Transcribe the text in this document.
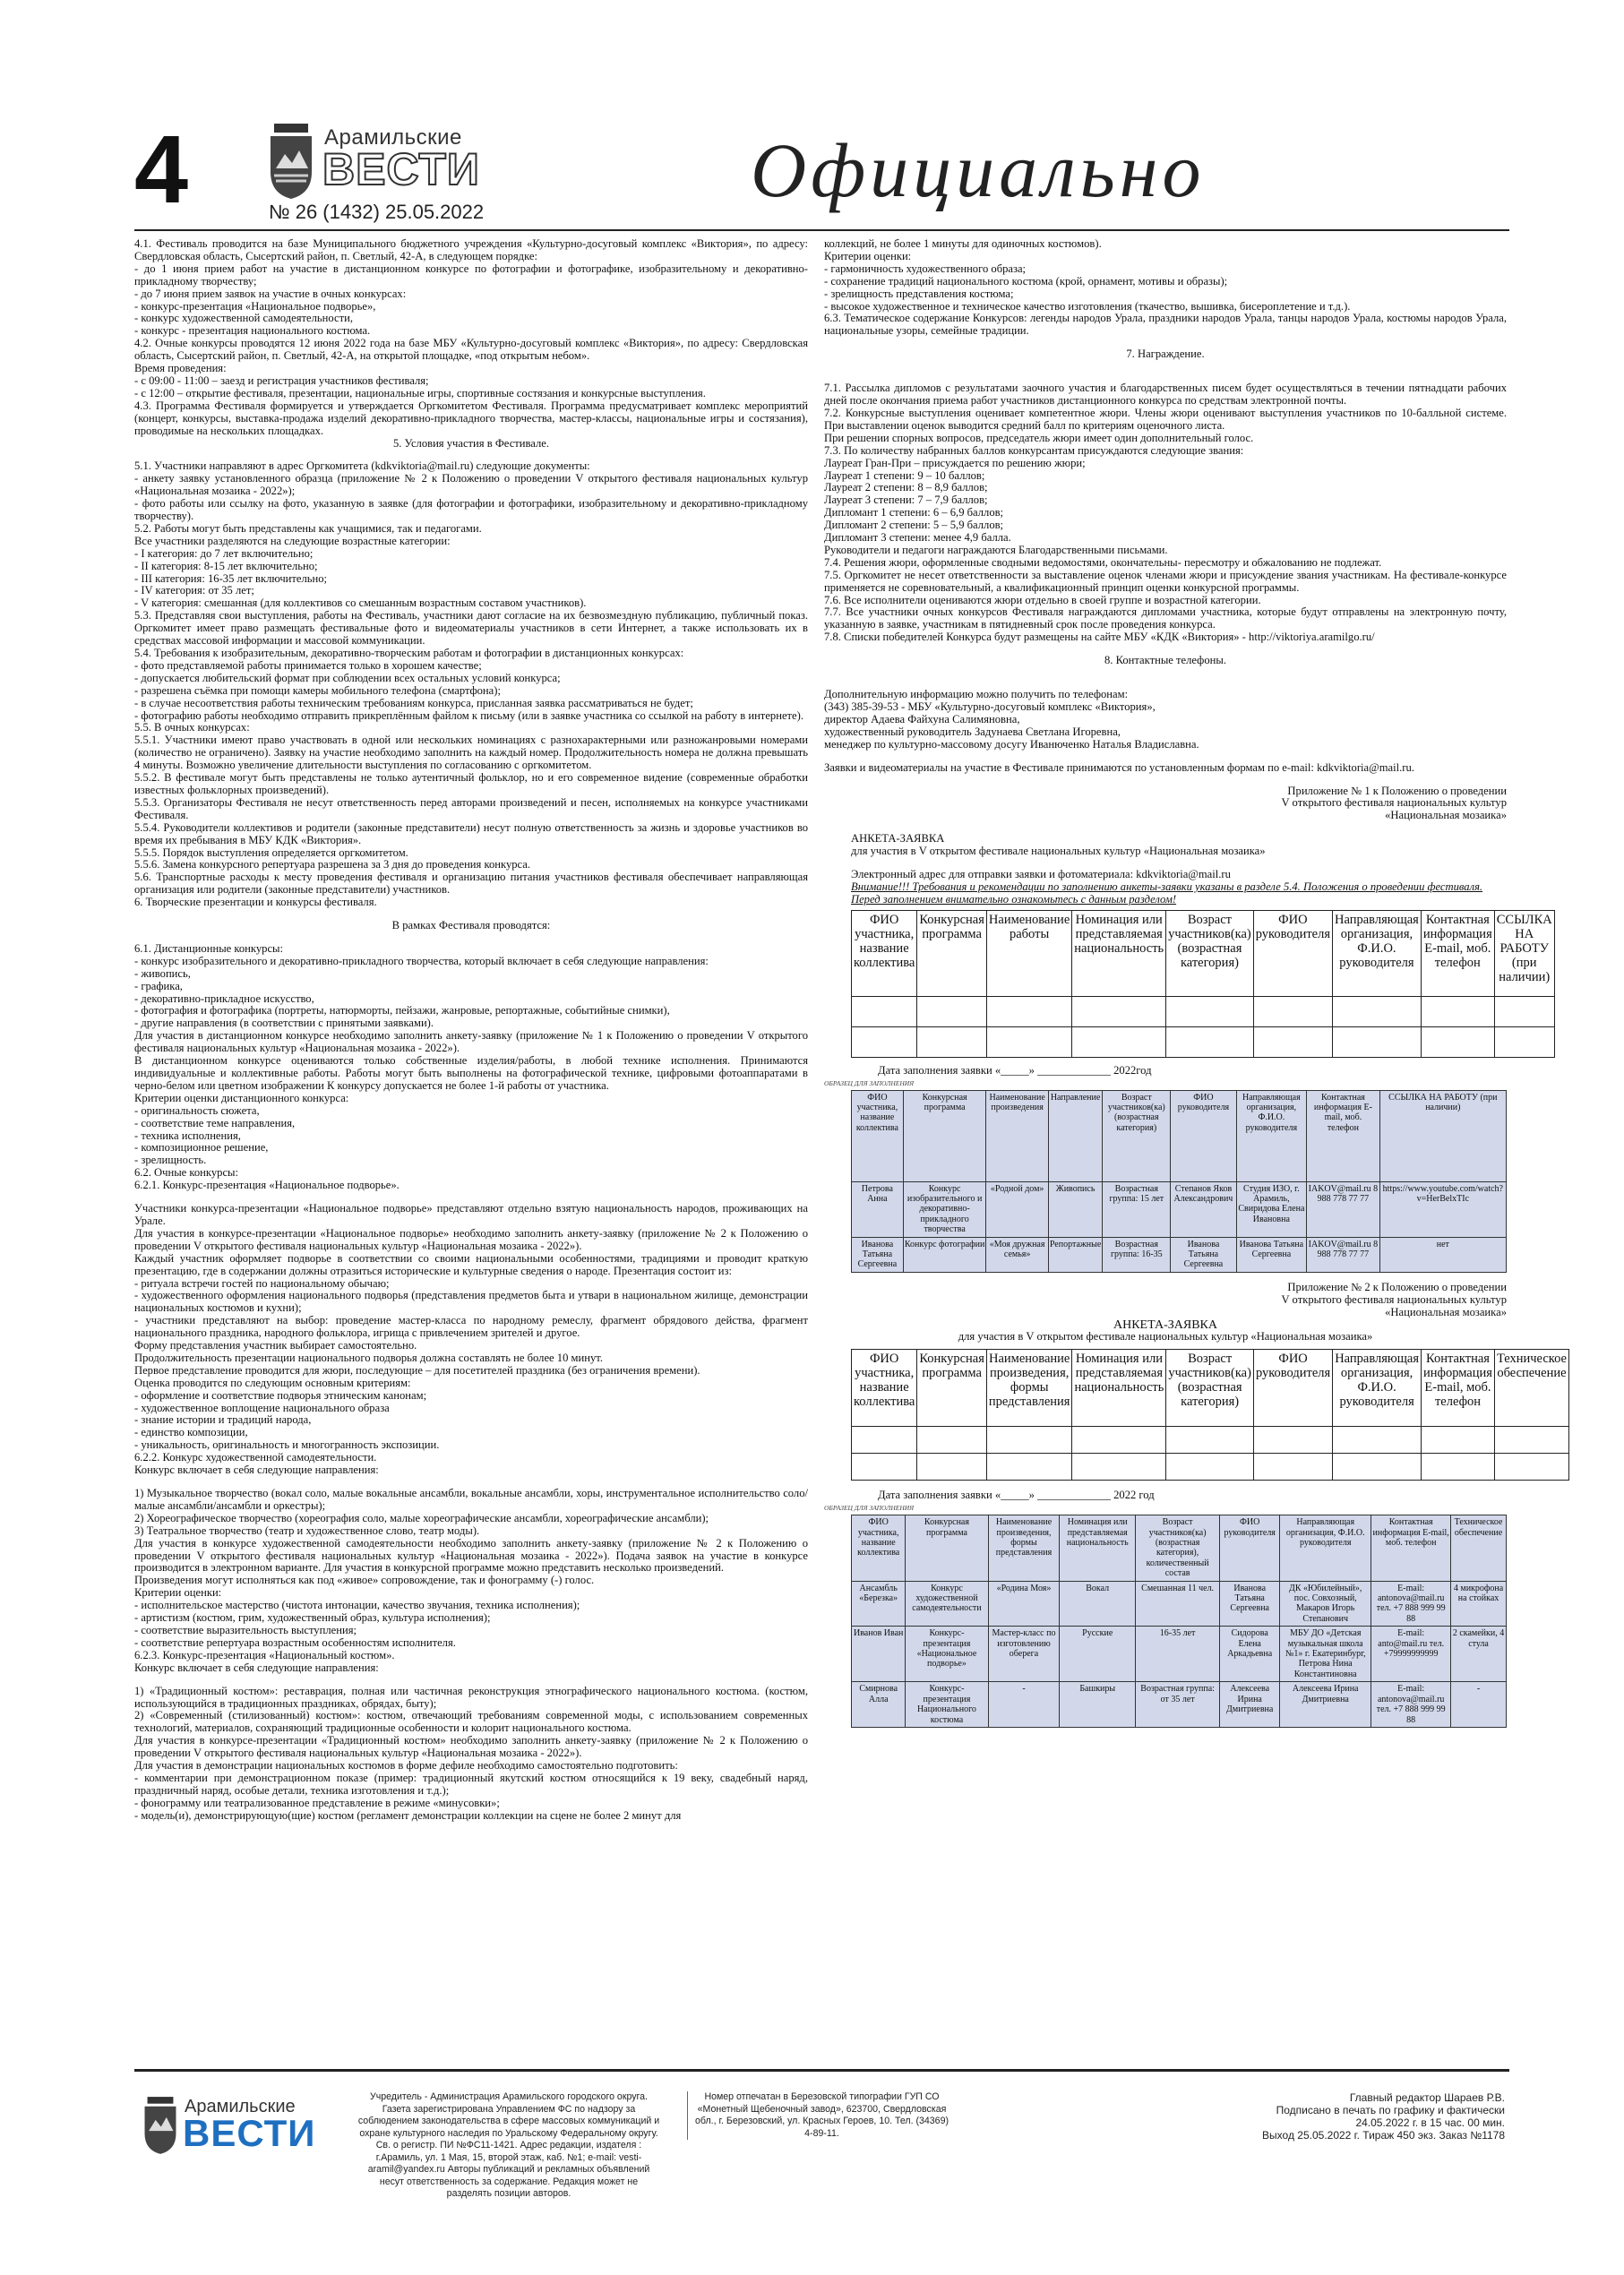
4	Арамильские
ВЕСТИ
№ 26 (1432) 25.05.2022	Официально

4.1. Фестиваль проводится на базе Муниципального бюджетного учреждения «Культурно-досуговый комплекс «Виктория», по адресу: Свердловская область, Сысертский район, п. Светлый, 42-А, в следующем порядке:

- до 1 июня прием работ на участие в дистанционном конкурсе по фотографии и фотографике, изобразительному и декоративно-прикладному творчеству;

- до 7 июня прием заявок на участие в очных конкурсах:

- конкурс-презентация «Национальное подворье»,

- конкурс художественной самодеятельности,

- конкурс - презентация национального костюма.

4.2. Очные конкурсы проводятся 12 июня 2022 года на базе МБУ «Культурно-досуговый комплекс «Виктория», по адресу: Свердловская область, Сысертский район, п. Светлый, 42-А, на открытой площадке, «под открытым небом».

Время проведения:

- с 09:00 - 11:00 – заезд и регистрация участников фестиваля;

- с 12:00 – открытие фестиваля, презентации, национальные игры, спортивные состязания и конкурсные выступления.

4.3. Программа Фестиваля формируется и утверждается Оргкомитетом Фестиваля. Программа предусматривает комплекс мероприятий (концерт, конкурсы, выставка-продажа изделий декоративно-прикладного творчества, мастер-классы, национальные игры и состязания), проводимые на нескольких площадках.

5. Условия участия в Фестивале.

5.1. Участники направляют в адрес Оргкомитета (kdkviktoria@mail.ru) следующие документы:

- анкету заявку установленного образца (приложение № 2 к Положению о проведении V открытого фестиваля национальных культур «Национальная мозаика - 2022»);

- фото работы или ссылку на фото, указанную в заявке (для фотографии и фотографики, изобразительному и декоративно-прикладному творчеству).

5.2. Работы могут быть представлены как учащимися, так и педагогами.

Все участники разделяются на следующие возрастные категории:

- I категория: до 7 лет включительно;

- II категория: 8-15 лет включительно;

- III категория: 16-35 лет включительно;

- IV категория: от 35 лет;

- V категория: смешанная (для коллективов со смешанным возрастным составом участников).

5.3. Представляя свои выступления, работы на Фестиваль, участники дают согласие на их безвозмездную публикацию, публичный показ. Оргкомитет имеет право размещать фестивальные фото и видеоматериалы участников в сети Интернет, а также использовать их в средствах массовой информации и массовой коммуникации.

5.4. Требования к изобразительным, декоративно-творческим работам и фотографии в дистанционных конкурсах:

- фото представляемой работы принимается только в хорошем качестве;

- допускается любительский формат при соблюдении всех остальных условий конкурса;

- разрешена съёмка при помощи камеры мобильного телефона (смартфона);

- в случае несоответствия работы техническим требованиям конкурса, присланная заявка рассматриваться не будет;

- фотографию работы необходимо отправить прикреплённым файлом к письму (или в заявке участника со ссылкой на работу в интернете).

5.5. В очных конкурсах:

5.5.1. Участники имеют право участвовать в одной или нескольких номинациях с разнохарактерными или разножанровыми номерами (количество не ограничено). Заявку на участие необходимо заполнить на каждый номер. Продолжительность номера не должна превышать 4 минуты. Возможно увеличение длительности выступления по согласованию с оргкомитетом.

5.5.2. В фестивале могут быть представлены не только аутентичный фольклор, но и его современное видение (современные обработки известных фольклорных произведений).

5.5.3. Организаторы Фестиваля не несут ответственность перед авторами произведений и песен, исполняемых на конкурсе участниками Фестиваля.

5.5.4. Руководители коллективов и родители (законные представители) несут полную ответственность за жизнь и здоровье участников во время их пребывания в МБУ КДК «Виктория».

5.5.5. Порядок выступления определяется оргкомитетом.

5.5.6. Замена конкурсного репертуара разрешена за 3 дня до проведения конкурса.

5.6. Транспортные расходы к месту проведения фестиваля и организацию питания участников фестиваля обеспечивает направляющая организация или родители (законные представители) участников.

6. Творческие презентации и конкурсы фестиваля.

В рамках Фестиваля проводятся:

6.1. Дистанционные конкурсы:

- конкурс изобразительного и декоративно-прикладного творчества, который включает в себя следующие направления:

- живопись,

- графика,

- декоративно-прикладное искусство,

- фотография и фотографика (портреты, натюрморты, пейзажи, жанровые, репортажные, событийные снимки),

- другие направления (в соответствии с принятыми заявками).

Для участия в дистанционном конкурсе необходимо заполнить анкету-заявку (приложение № 1 к Положению о проведении V открытого фестиваля национальных культур «Национальная мозаика - 2022»).

В дистанционном конкурсе оцениваются только собственные изделия/работы, в любой технике исполнения. Принимаются индивидуальные и коллективные работы. Работы могут быть выполнены на фотографической технике, цифровыми фотоаппаратами в черно-белом или цветном изображении К конкурсу допускается не более 1-й работы от участника.

Критерии оценки дистанционного конкурса:

- оригинальность сюжета,

- соответствие теме направления,

- техника исполнения,

- композиционное решение,

- зрелищность.

6.2. Очные конкурсы:

6.2.1. Конкурс-презентация «Национальное подворье».

Участники конкурса-презентации «Национальное подворье» представляют отдельно взятую национальность народов, проживающих на Урале.

Для участия в конкурсе-презентации «Национальное подворье» необходимо заполнить анкету-заявку (приложение № 2 к Положению о проведении V открытого фестиваля национальных культур «Национальная мозаика - 2022»).

Каждый участник оформляет подворье в соответствии со своими национальными особенностями, традициями и проводит краткую презентацию, где в содержании должны отразиться исторические и культурные сведения о народе. Презентация состоит из:

- ритуала встречи гостей по национальному обычаю;

- художественного оформления национального подворья (представления предметов быта и утвари в национальном жилище, демонстрации национальных костюмов и кухни);

- участники представляют на выбор: проведение мастер-класса по народному ремеслу, фрагмент обрядового действа, фрагмент национального праздника, народного фольклора, игрища с привлечением зрителей и другое.

Форму представления участник выбирает самостоятельно.

Продолжительность презентации национального подворья должна составлять не более 10 минут.

Первое представление проводится для жюри, последующие – для посетителей праздника (без ограничения времени).

Оценка проводится по следующим основным критериям:

- оформление и соответствие подворья этническим канонам;

- художественное воплощение национального образа

- знание истории и традиций народа,

- единство композиции,

- уникальность, оригинальность и многогранность экспозиции.

6.2.2. Конкурс художественной самодеятельности.

Конкурс включает в себя следующие направления:

1) Музыкальное творчество (вокал соло, малые вокальные ансамбли, вокальные ансамбли, хоры, инструментальное исполнительство соло/малые ансамбли/ансамбли и оркестры);

2) Хореографическое творчество (хореография соло, малые хореографические ансамбли, хореографические ансамбли);

3) Театральное творчество (театр и художественное слово, театр моды).

Для участия в конкурсе художественной самодеятельности необходимо заполнить анкету-заявку (приложение № 2 к Положению о проведении V открытого фестиваля национальных культур «Национальная мозаика - 2022»). Подача заявок на участие в конкурсе производится в электронном варианте. Для участия в конкурсной программе можно представить несколько произведений.

Произведения могут исполняться как под «живое» сопровождение, так и фонограмму (-) голос.

Критерии оценки:

- исполнительское мастерство (чистота интонации, качество звучания, техника исполнения);

- артистизм (костюм, грим, художественный образ, культура исполнения);

- соответствие выразительность выступления;

- соответствие репертуара возрастным особенностям исполнителя.

6.2.3. Конкурс-презентация «Национальный костюм».

Конкурс включает в себя следующие направления:

1) «Традиционный костюм»: реставрация, полная или частичная реконструкция этнографического национального костюма. (костюм, использующийся в традиционных праздниках, обрядах, быту);

2) «Современный (стилизованный) костюм»: костюм, отвечающий требованиям современной моды, с использованием современных технологий, материалов, сохраняющий традиционные особенности и колорит национального костюма.

Для участия в конкурсе-презентации «Традиционный костюм» необходимо заполнить анкету-заявку (приложение № 2 к Положению о проведении V открытого фестиваля национальных культур «Национальная мозаика - 2022»).

Для участия в демонстрации национальных костюмов в форме дефиле необходимо самостоятельно подготовить:

- комментарии при демонстрационном показе (пример: традиционный якутский костюм относящийся к 19 веку, свадебный наряд, праздничный наряд, особые детали, техника изготовления и т.д.);

- фонограмму или театрализованное представление в режиме «минусовки»;

- модель(и), демонстрирующую(щие) костюм (регламент демонстрации коллекции на сцене не более 2 минут для

коллекций, не более 1 минуты для одиночных костюмов).

Критерии оценки:

- гармоничность художественного образа;

- сохранение традиций национального костюма (крой, орнамент, мотивы и образы);

- зрелищность представления костюма;

- высокое художественное и техническое качество изготовления (ткачество, вышивка, бисероплетение и т.д.).

6.3. Тематическое содержание Конкурсов: легенды народов Урала, праздники народов Урала, танцы народов Урала, костюмы народов Урала, национальные узоры, семейные традиции.

7. Награждение.

7.1. Рассылка дипломов с результатами заочного участия и благодарственных писем будет осуществляться в течении пятнадцати рабочих дней после окончания приема работ участников дистанционного конкурса по средствам электронной почты.

7.2. Конкурсные выступления оценивает компетентное жюри. Члены жюри оценивают выступления участников по 10-балльной системе. При выставлении оценок выводится средний балл по критериям оценочного листа.

При решении спорных вопросов, председатель жюри имеет один дополнительный голос.

7.3. По количеству набранных баллов конкурсантам присуждаются следующие звания:

Лауреат Гран-При – присуждается по решению жюри;

Лауреат 1 степени: 9 – 10 баллов;

Лауреат 2 степени: 8 – 8,9 баллов;

Лауреат 3 степени: 7 – 7,9 баллов;

Дипломант 1 степени: 6 – 6,9 баллов;

Дипломант 2 степени: 5 – 5,9 баллов;

Дипломант 3 степени: менее 4,9 балла.

Руководители и педагоги награждаются Благодарственными письмами.

7.4. Решения жюри, оформленные сводными ведомостями, окончательны- пересмотру и обжалованию не подлежат.

7.5. Оргкомитет не несет ответственности за выставление оценок членами жюри и присуждение звания участникам. На фестивале-конкурсе применяется не соревновательный, а квалификационный принцип оценки конкурсной программы.

7.6. Все исполнители оцениваются жюри отдельно в своей группе и возрастной категории.

7.7. Все участники очных конкурсов Фестиваля награждаются дипломами участника, которые будут отправлены на электронную почту, указанную в заявке, участникам в пятидневный срок после проведения конкурса.

7.8. Списки победителей Конкурса будут размещены на сайте МБУ «КДК «Виктория» - http://viktoriya.aramilgo.ru/

8. Контактные телефоны.

Дополнительную информацию можно получить по телефонам:

(343) 385-39-53 - МБУ «Культурно-досуговый комплекс «Виктория»,

директор Адаева Файхуна Салимяновна,

художественный руководитель Задунаева Светлана Игоревна,

менеджер по культурно-массовому досугу Иванюченко Наталья Владиславна.

Заявки и видеоматериалы на участие в Фестивале принимаются по установленным формам по e-mail: kdkviktoria@mail.ru.

Приложение № 1 к Положению о проведении

V открытого фестиваля национальных культур

«Национальная мозаика»

АНКЕТА-ЗАЯВКА

для участия в V открытом фестивале национальных культур «Национальная мозаика»

Электронный адрес для отправки заявки и фотоматериала: kdkviktoria@mail.ru

Внимание!!! Требования и рекомендации по заполнению анкеты-заявки указаны в разделе 5.4. Положения о проведении фестиваля.

Перед заполнением внимательно ознакомьтесь с данным разделом!

ФИО участника, название коллектива	Конкурсная программа	Наименование работы	Номинация или представляемая национальность	Возраст участников(ка) (возрастная категория)	ФИО руководителя	Направляющая организация, Ф.И.О. руководителя	Контактная информация E-mail, моб. телефон	ССЫЛКА НА РАБОТУ (при наличии)

Дата заполнения заявки «_____» _____________ 2022год

ОБРАЗЕЦ ДЛЯ ЗАПОЛНЕНИЯ

ФИО участника, название коллектива	Конкурсная программа	Наименование произведения	Направление	Возраст участников(ка) (возрастная категория)	ФИО руководителя	Направляющая организация, Ф.И.О. руководителя	Контактная информация E-mail, моб. телефон	ССЫЛКА НА РАБОТУ (при наличии)
Петрова Анна	Конкурс изобразительного и декоративно-прикладного творчества	«Родной дом»	Живопись	Возрастная группа: 15 лет	Степанов Яков Александрович	Студия ИЗО, г. Арамиль, Свиридова Елена Ивановна	IAKOV@mail.ru 8 988 778 77 77	https://www.youtube.com/watch?v=HerBelxTIc
Иванова Татьяна Сергеевна	Конкурс фотографии	«Моя дружная семья»	Репортажные	Возрастная группа: 16-35	Иванова Татьяна Сергеевна	Иванова Татьяна Сергеевна	IAKOV@mail.ru 8 988 778 77 77	нет

Приложение № 2 к Положению о проведении

V открытого фестиваля национальных культур

«Национальная мозаика»

АНКЕТА-ЗАЯВКА

для участия в V открытом фестивале национальных культур «Национальная мозаика»

ФИО участника, название коллектива	Конкурсная программа	Наименование произведения, формы представления	Номинация или представляемая национальность	Возраст участников(ка) (возрастная категория)	ФИО руководителя	Направляющая организация, Ф.И.О. руководителя	Контактная информация E-mail, моб. телефон	Техническое обеспечение

Дата заполнения заявки «_____» _____________ 2022 год

ОБРАЗЕЦ ДЛЯ ЗАПОЛНЕНИЯ

ФИО участника, название коллектива	Конкурсная программа	Наименование произведения, формы представления	Номинация или представляемая национальность	Возраст участников(ка) (возрастная категория), количественный состав	ФИО руководителя	Направляющая организация, Ф.И.О. руководителя	Контактная информация E-mail, моб. телефон	Техническое обеспечение
Ансамбль «Березка»	Конкурс художественной самодеятельности	«Родина Моя»	Вокал	Смешанная 11 чел.	Иванова Татьяна Сергеевна	ДК «Юбилейный», пос. Совхозный, Макаров Игорь Степанович	E-mail: antonova@mail.ru тел. +7 888 999 99 88	4 микрофона на стойках
Иванов Иван	Конкурс-презентация «Национальное подворье»	Мастер-класс по изготовлению оберега	Русские	16-35 лет	Сидорова Елена Аркадьевна	МБУ ДО «Детская музыкальная школа №1» г. Екатеринбург, Петрова Нина Константиновна	E-mail: anto@mail.ru тел. +79999999999	2 скамейки, 4 стула
Смирнова Алла	Конкурс-презентация Национального костюма	-	Башкиры	Возрастная группа: от 35 лет	Алексеева Ирина Дмитриевна	Алексеева Ирина Дмитриевна	E-mail: antonova@mail.ru тел. +7 888 999 99 88	-
Арамильские
ВЕСТИ
Учредитель - Администрация Арамильского городского округа. Газета зарегистрирована Управлением ФС по надзору за соблюдением законодательства в сфере массовых коммуникаций и охране культурного наследия по Уральскому Федеральному округу. Св. о регистр. ПИ №ФС11-1421. Адрес редакции, издателя : г.Арамиль, ул. 1 Мая, 15, второй этаж, каб. №1; e-mail: vesti-aramil@yandex.ru Авторы публикаций и рекламных объявлений несут ответственность за содержание. Редакция может не разделять позиции авторов.
Номер отпечатан в Березовской типографии ГУП СО «Монетный Щебеночный завод», 623700, Свердловская обл., г. Березовский, ул. Красных Героев, 10. Тел. (34369) 4-89-11.
Главный редактор Шараев Р.В.
Подписано в печать по графику и фактически
24.05.2022 г. в 15 час. 00 мин.
Выход 25.05.2022 г. Тираж 450 экз. Заказ №1178
